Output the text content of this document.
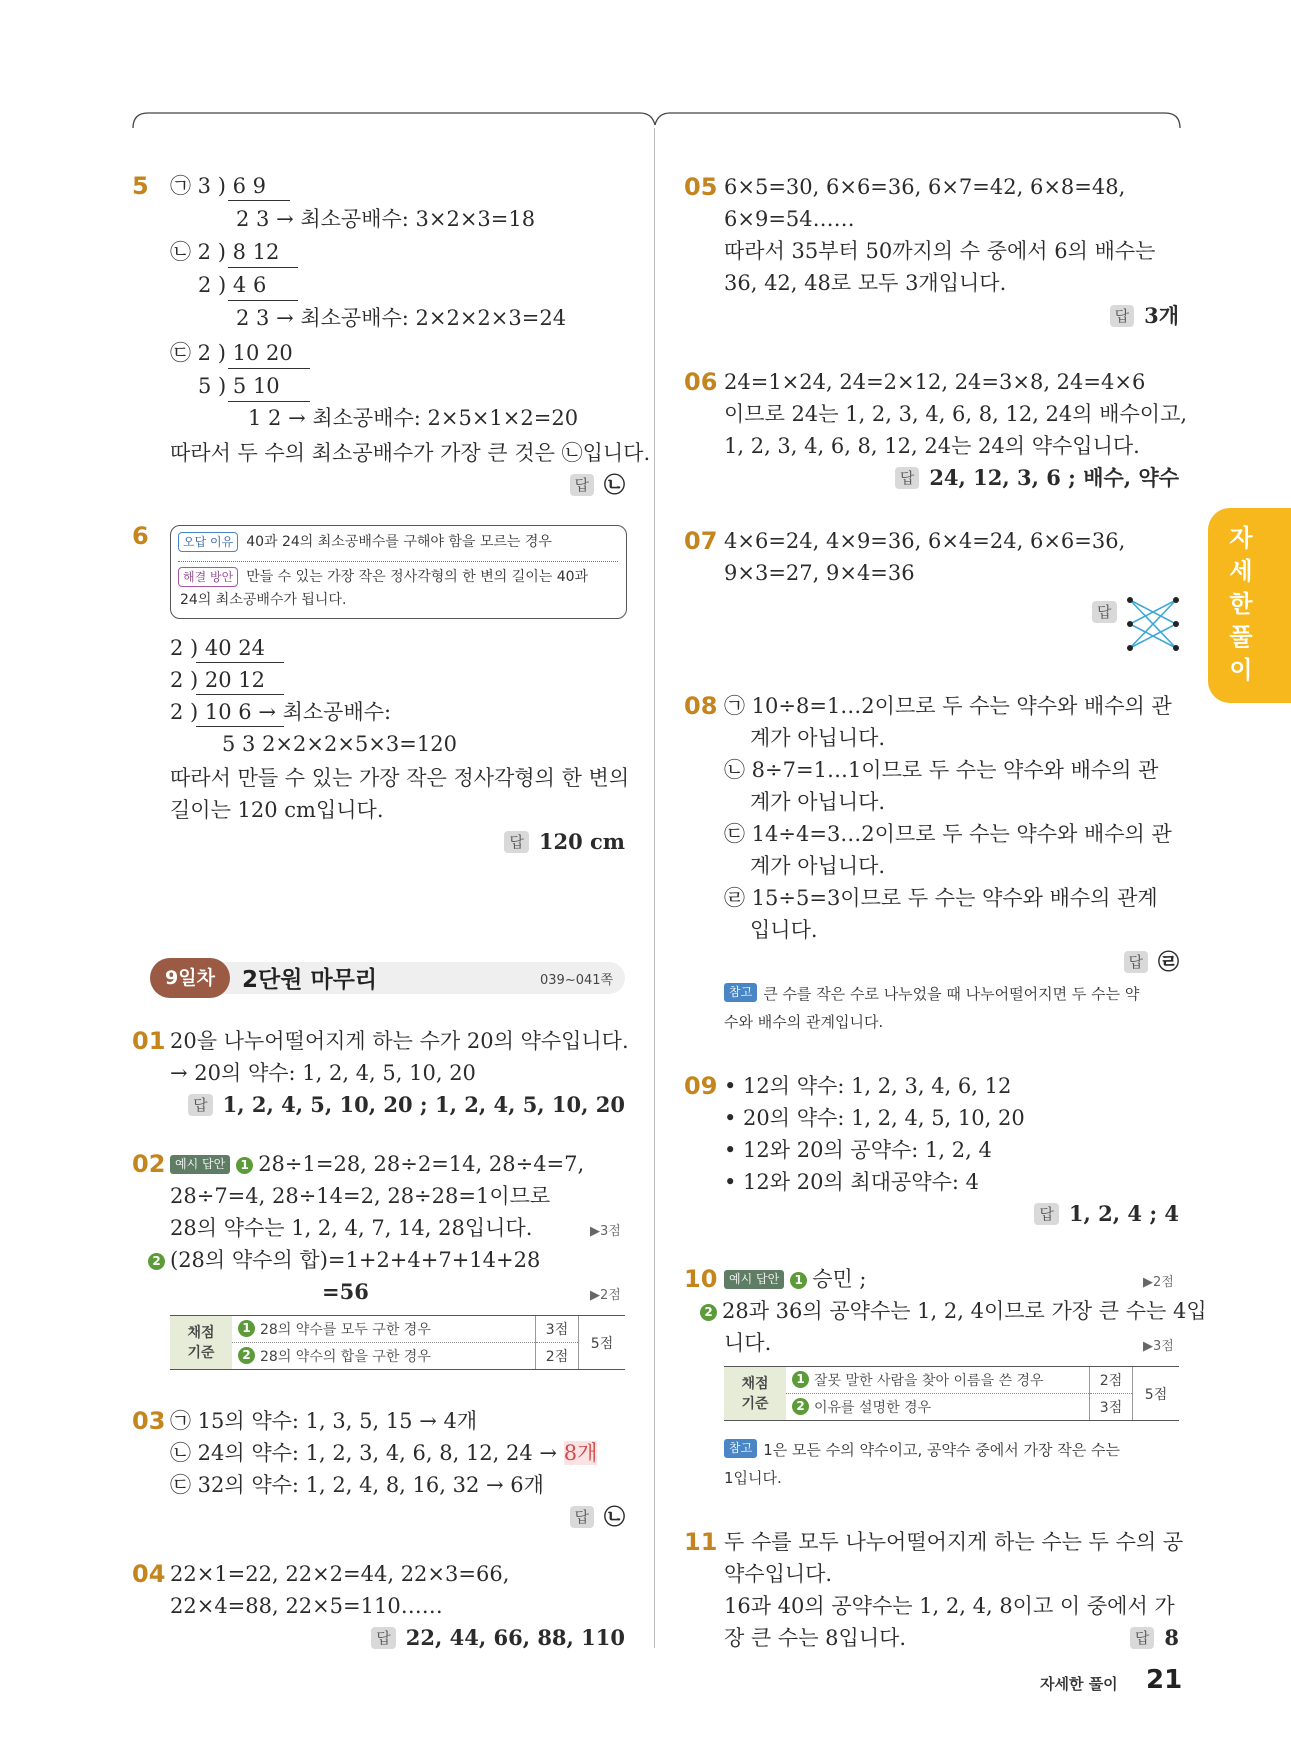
5 ㉠ 3 ) 6 9
2 3 → 최소공배수: 3×2×3=18
㉡ 2 ) 8 12
2 ) 4 6
2 3 → 최소공배수: 2×2×2×3=24
㉢ 2 ) 10 20
5 ) 5 10
1 2 → 최소공배수: 2×5×1×2=20
따라서 두 수의 최소공배수가 가장 큰 것은 ㉡입니다.
답 ㉡
6	오답 이유 40과 24의 최소공배수를 구해야 함을 모르는 경우
해결 방안 만들 수 있는 가장 작은 정사각형의 한 변의 길이는 40과
24의 최소공배수가 됩니다.
2 ) 40 24
2 ) 20 12
2 ) 10 6 → 최소공배수:
5 3 2×2×2×5×3=120
따라서 만들 수 있는 가장 작은 정사각형의 한 변의
길이는 120 cm입니다.
답 120 cm
9일차	2단원 마무리	039~041쪽
01 20을 나누어떨어지게 하는 수가 20의 약수입니다.
→ 20의 약수: 1, 2, 4, 5, 10, 20
답 1, 2, 4, 5, 10, 20 ; 1, 2, 4, 5, 10, 20
02 예시 답안 1 28÷1=28, 28÷2=14, 28÷4=7,
28÷7=4, 28÷14=2, 28÷28=1이므로
28의 약수는 1, 2, 4, 7, 14, 28입니다.	▶3점
2 (28의 약수의 합)=1+2+4+7+14+28
=56	▶2점
채점
기준	1 28의 약수를 모두 구한 경우	3점	5점
	2 28의 약수의 합을 구한 경우	2점	
03 ㉠ 15의 약수: 1, 3, 5, 15 → 4개
㉡ 24의 약수: 1, 2, 3, 4, 6, 8, 12, 24 → 8개
㉢ 32의 약수: 1, 2, 4, 8, 16, 32 → 6개
답 ㉡
04 22×1=22, 22×2=44, 22×3=66,
22×4=88, 22×5=110……
답 22, 44, 66, 88, 110
05 6×5=30, 6×6=36, 6×7=42, 6×8=48,
6×9=54……
따라서 35부터 50까지의 수 중에서 6의 배수는
36, 42, 48로 모두 3개입니다.
답 3개
06 24=1×24, 24=2×12, 24=3×8, 24=4×6
이므로 24는 1, 2, 3, 4, 6, 8, 12, 24의 배수이고,
1, 2, 3, 4, 6, 8, 12, 24는 24의 약수입니다.
답 24, 12, 3, 6 ; 배수, 약수
07 4×6=24, 4×9=36, 6×4=24, 6×6=36,
9×3=27, 9×4=36
답
08 ㉠ 10÷8=1…2이므로 두 수는 약수와 배수의 관
계가 아닙니다.
㉡ 8÷7=1…1이므로 두 수는 약수와 배수의 관
계가 아닙니다.
㉢ 14÷4=3…2이므로 두 수는 약수와 배수의 관
계가 아닙니다.
㉣ 15÷5=3이므로 두 수는 약수와 배수의 관계
입니다.
답 ㉣
참고 큰 수를 작은 수로 나누었을 때 나누어떨어지면 두 수는 약
수와 배수의 관계입니다.
09 • 12의 약수: 1, 2, 3, 4, 6, 12
• 20의 약수: 1, 2, 4, 5, 10, 20
• 12와 20의 공약수: 1, 2, 4
• 12와 20의 최대공약수: 4
답 1, 2, 4 ; 4
10 예시 답안 1 승민 ;	▶2점
2 28과 36의 공약수는 1, 2, 4이므로 가장 큰 수는 4입
니다.	▶3점
채점
기준	1 잘못 말한 사람을 찾아 이름을 쓴 경우	2점	5점
	2 이유를 설명한 경우	3점	
참고 1은 모든 수의 약수이고, 공약수 중에서 가장 작은 수는
1입니다.
11 두 수를 모두 나누어떨어지게 하는 수는 두 수의 공
약수입니다.
16과 40의 공약수는 1, 2, 4, 8이고 이 중에서 가
장 큰 수는 8입니다.	답 8
자세한풀이
자세한 풀이 21
